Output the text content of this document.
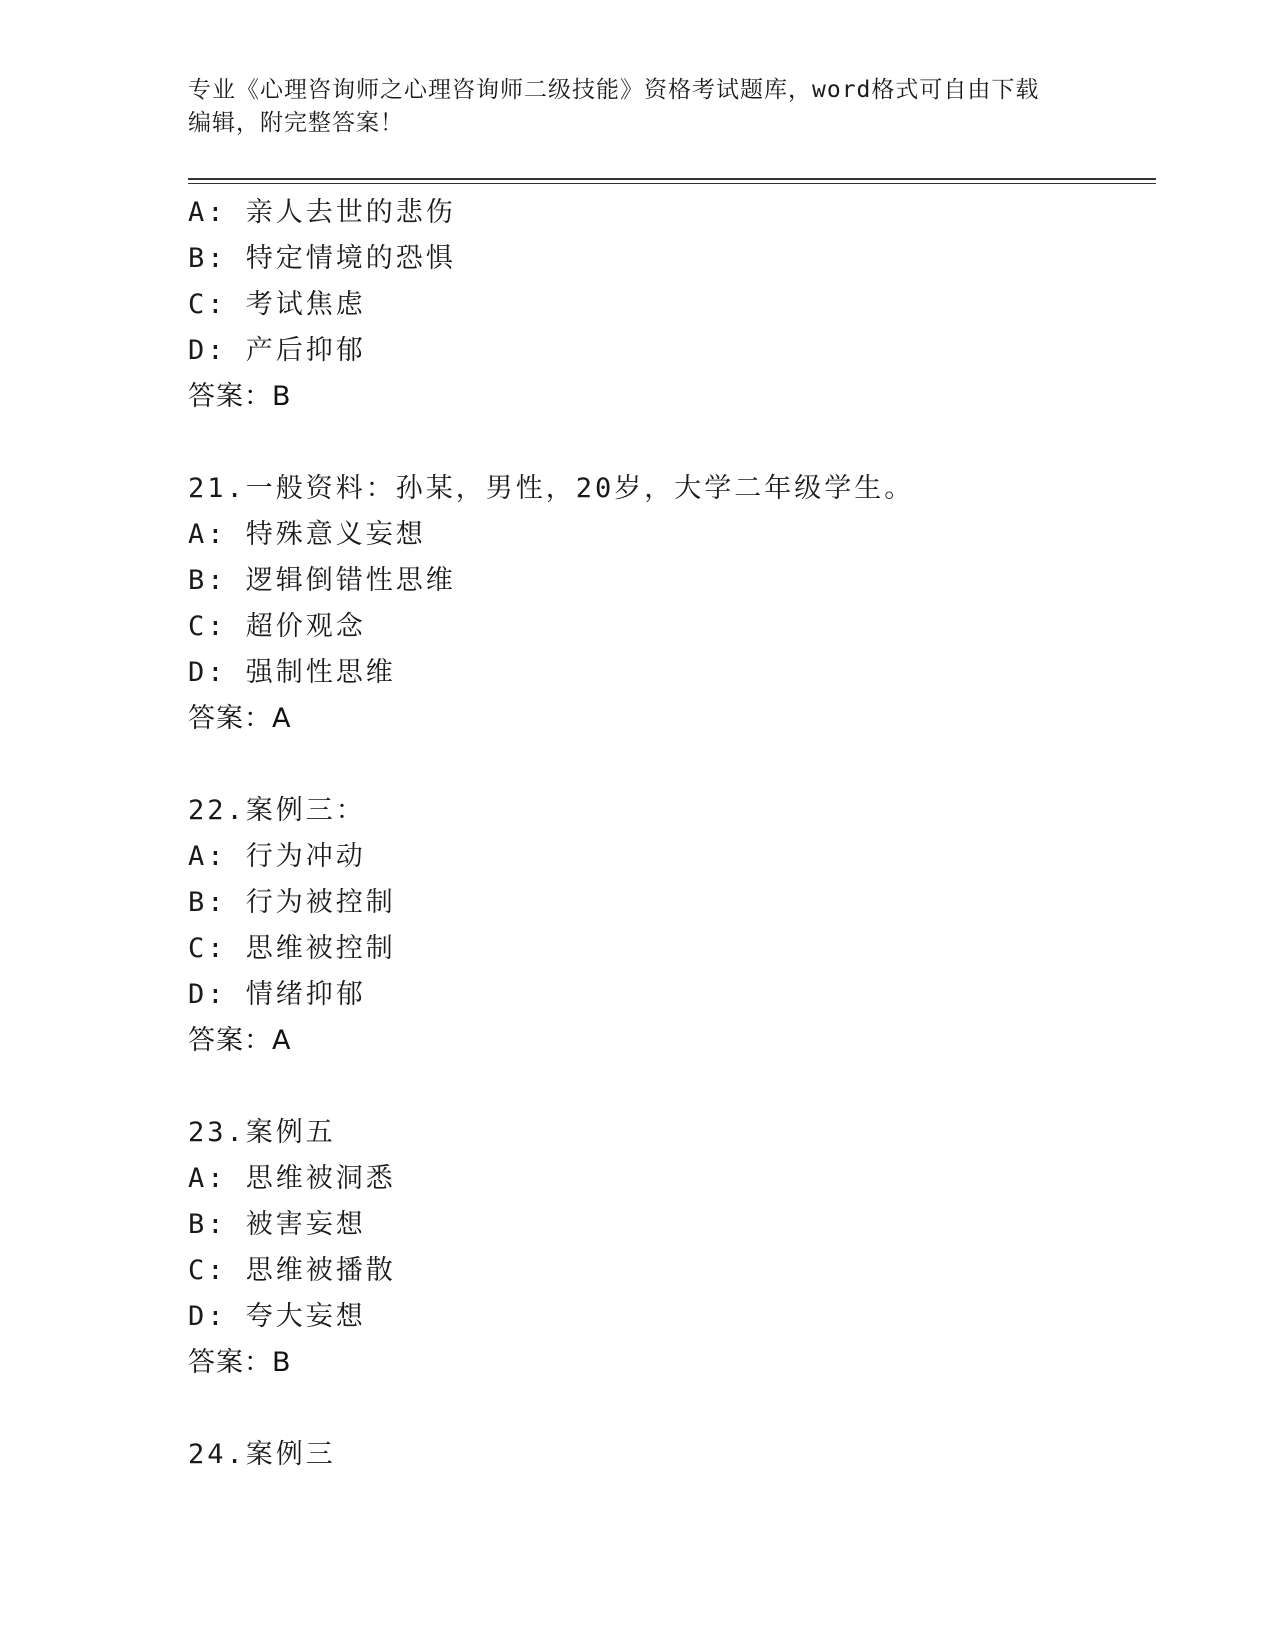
专业《心理咨询师之心理咨询师二级技能》资格考试题库，word格式可自由下载
编辑，附完整答案！
A: 亲人去世的悲伤
B: 特定情境的恐惧
C: 考试焦虑
D: 产后抑郁
答案：B
21.一般资料：孙某，男性，20岁，大学二年级学生。
A: 特殊意义妄想
B: 逻辑倒错性思维
C: 超价观念
D: 强制性思维
答案：A
22.案例三：
A: 行为冲动
B: 行为被控制
C: 思维被控制
D: 情绪抑郁
答案：A
23.案例五
A: 思维被洞悉
B: 被害妄想
C: 思维被播散
D: 夸大妄想
答案：B
24.案例三
